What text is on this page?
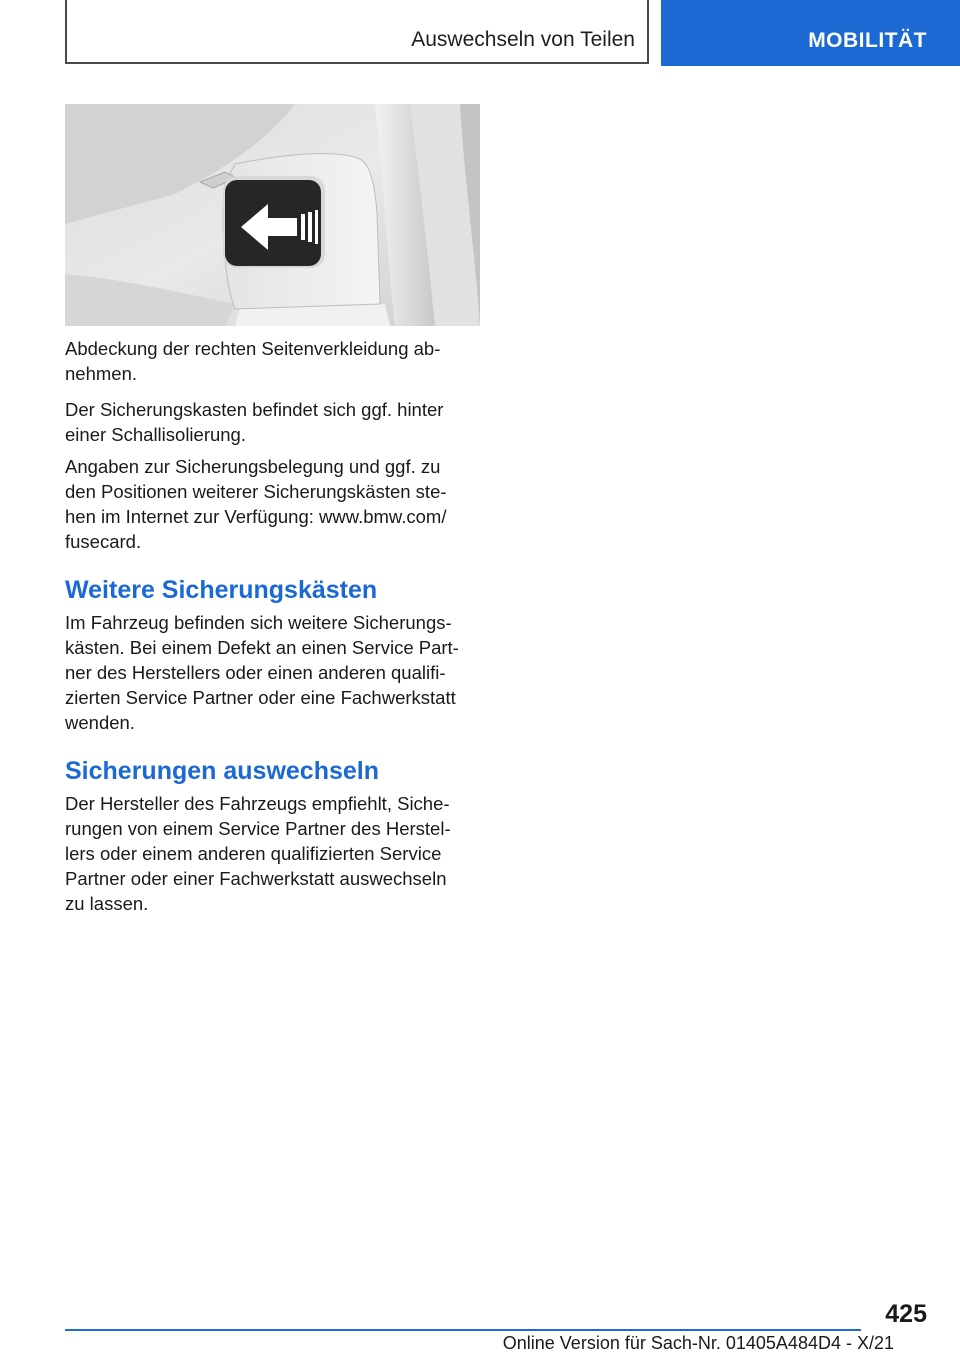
Auswechseln von Teilen	MOBILITÄT

Abdeckung der rechten Seitenverkleidung ab-
nehmen.

Der Sicherungskasten befindet sich ggf. hinter
einer Schallisolierung.

Angaben zur Sicherungsbelegung und ggf. zu
den Positionen weiterer Sicherungskästen ste-
hen im Internet zur Verfügung: www.bmw.com/
fusecard.

Weitere Sicherungskästen

Im Fahrzeug befinden sich weitere Sicherungs-
kästen. Bei einem Defekt an einen Service Part-
ner des Herstellers oder einen anderen qualifi-
zierten Service Partner oder eine Fachwerkstatt
wenden.

Sicherungen auswechseln

Der Hersteller des Fahrzeugs empfiehlt, Siche-
rungen von einem Service Partner des Herstel-
lers oder einem anderen qualifizierten Service
Partner oder einer Fachwerkstatt auswechseln
zu lassen.

425
Online Version für Sach-Nr. 01405A484D4 - X/21
